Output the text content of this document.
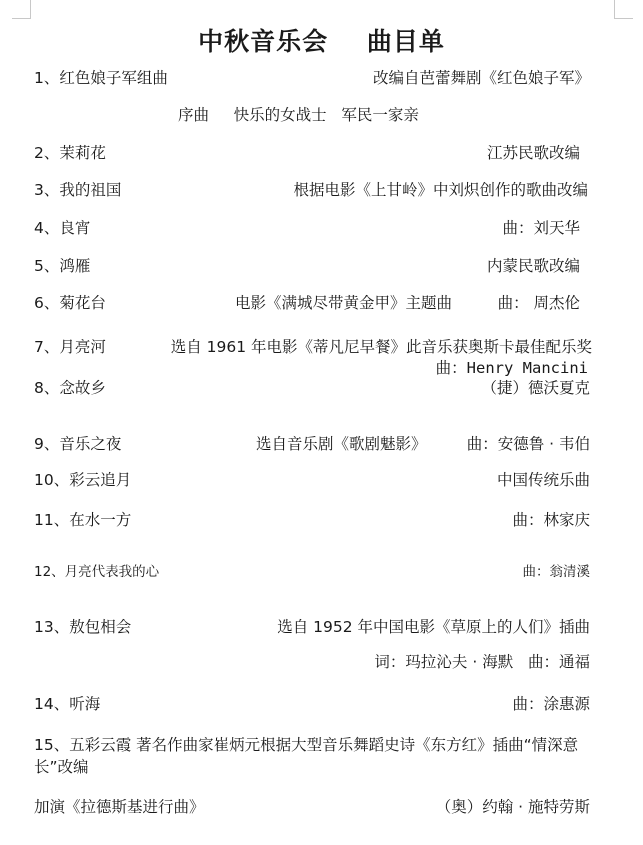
中秋音乐会    曲目单
1、红色娘子军组曲	改编自芭蕾舞剧《红色娘子军》
序曲     快乐的女战士   军民一家亲
2、茉莉花	江苏民歌改编
3、我的祖国	根据电影《上甘岭》中刘炽创作的歌曲改编
4、良宵	曲：刘天华
5、鸿雁	内蒙民歌改编
6、菊花台	电影《满城尽带黄金甲》主题曲	曲： 周杰伦
7、月亮河	选自 1961 年电影《蒂凡尼早餐》此音乐获奥斯卡最佳配乐奖
曲：Henry Mancini
8、念故乡	（捷）德沃夏克
9、音乐之夜	选自音乐剧《歌剧魅影》	曲：安德鲁 · 韦伯
10、彩云追月	中国传统乐曲
11、在水一方	曲：林家庆
12、月亮代表我的心	曲：翁清溪
13、敖包相会	选自 1952 年中国电影《草原上的人们》插曲
词：玛拉沁夫 · 海默   曲：通福
14、听海	曲：涂惠源
15、五彩云霞 著名作曲家崔炳元根据大型音乐舞蹈史诗《东方红》插曲“情深意长”改编
加演《拉德斯基进行曲》	（奥）约翰 · 施特劳斯
